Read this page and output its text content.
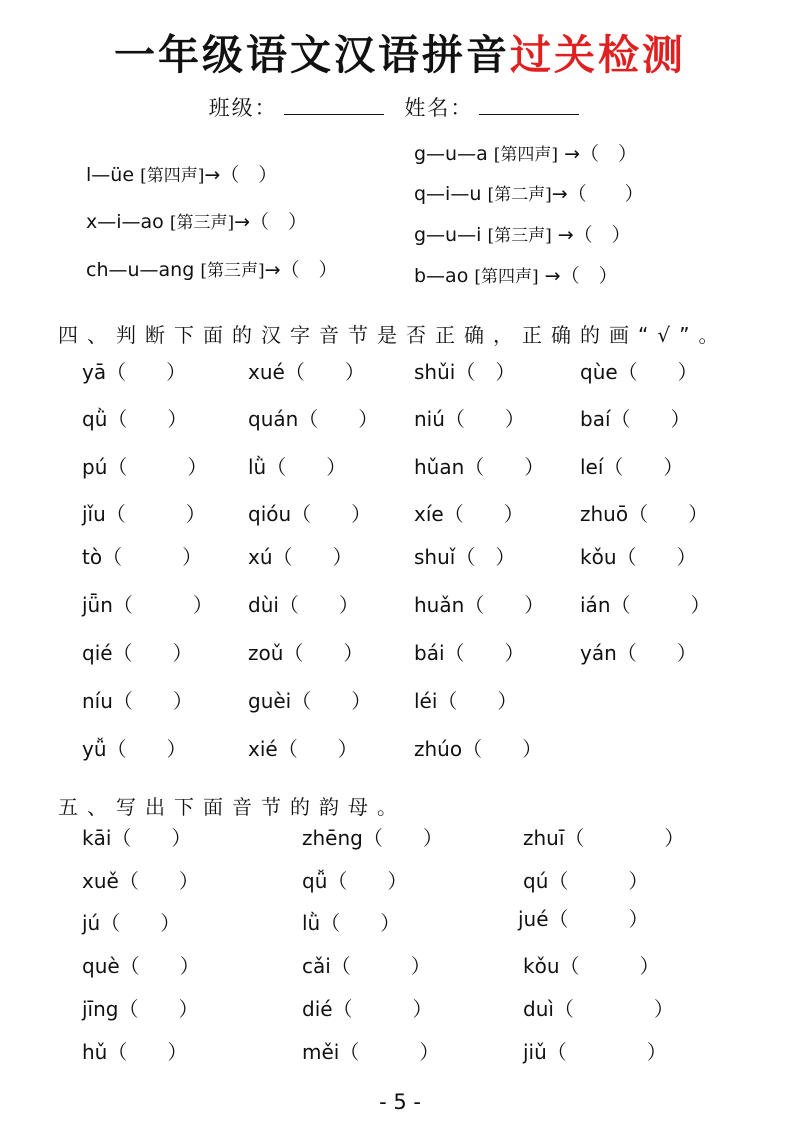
一年级语文汉语拼音过关检测
班级：	姓名：
l—üe [第四声]→（　）
x—i—ao [第三声]→（　）
ch—u—ang [第三声]→（　）
g—u—a [第四声] →（　）
q—i—u [第二声]→（　　）
g—u—i [第三声] →（　）
b—ao [第四声] →（　）
四、判断下面的汉字音节是否正确，正确的画“√”。
yā（　　）	xué（　　） shǔi（　）	qùe（　　）
qǜ（　　）	quán（　　） niú（　　）	baí（　　）
pú（　　　） lǜ（　　）	hǔan（　　） leí（　　）
jǐu（　　　） qióu（　　） xíe（　　）	zhuō（　　）
tò（　　　） xú（　　）	shuǐ（　）	kǒu（　　）
jǖn（　　　） dùi（　　）	huǎn（　　） ián（　　　）
qié（　　）	zoǔ（　　）	bái（　　）	yán（　　）
níu（　　）	guèi（　　） léi（　　）
yǚ（　　）	xié（　　）	zhúo（　　）
五、写出下面音节的韵母。
kāi（　　）	zhēng（　　）	zhuī（　　　　）
xuě（　　）	qǚ（　　）	qú（　　　）
jú（　　）	lǜ（　　）	jué（　　　）
què（　　）	cǎi（　　　）	kǒu（　　　）
jīng（　　）	dié（　　　）	duì（　　　　）
hǔ（　　）	měi（　　　）	jiǔ（　　　　）
- 5 -
